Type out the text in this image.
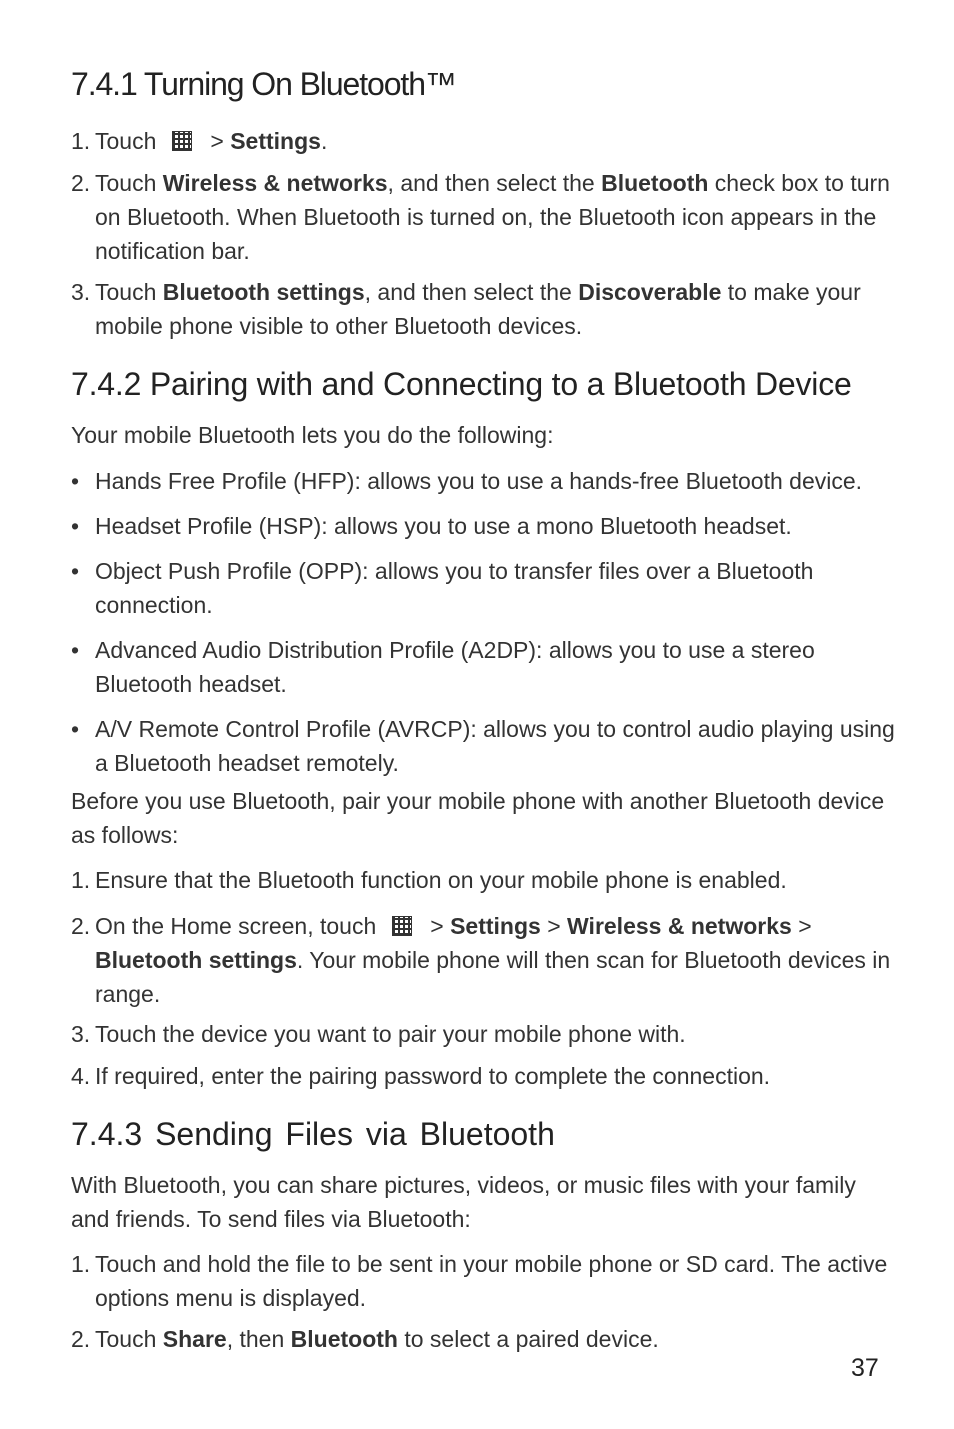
7.4.1 Turning On Bluetooth™
1. Touch > Settings.

2. Touch Wireless & networks, and then select the Bluetooth check box to turn on Bluetooth. When Bluetooth is turned on, the Bluetooth icon appears in the notification bar.

3. Touch Bluetooth settings, and then select the Discoverable to make your mobile phone visible to other Bluetooth devices.

7.4.2 Pairing with and Connecting to a Bluetooth Device

Your mobile Bluetooth lets you do the following:

• Hands Free Profile (HFP): allows you to use a hands-free Bluetooth device.

• Headset Profile (HSP): allows you to use a mono Bluetooth headset.

• Object Push Profile (OPP): allows you to transfer files over a Bluetooth connection.

• Advanced Audio Distribution Profile (A2DP): allows you to use a stereo Bluetooth headset.

• A/V Remote Control Profile (AVRCP): allows you to control audio playing using a Bluetooth headset remotely.

Before you use Bluetooth, pair your mobile phone with another Bluetooth device as follows:

1. Ensure that the Bluetooth function on your mobile phone is enabled.

2. On the Home screen, touch > Settings > Wireless & networks > Bluetooth settings. Your mobile phone will then scan for Bluetooth devices in range.

3. Touch the device you want to pair your mobile phone with.

4. If required, enter the pairing password to complete the connection.

7.4.3 Sending Files via Bluetooth

With Bluetooth, you can share pictures, videos, or music files with your family and friends. To send files via Bluetooth:

1. Touch and hold the file to be sent in your mobile phone or SD card. The active options menu is displayed.

2. Touch Share, then Bluetooth to select a paired device.

37
